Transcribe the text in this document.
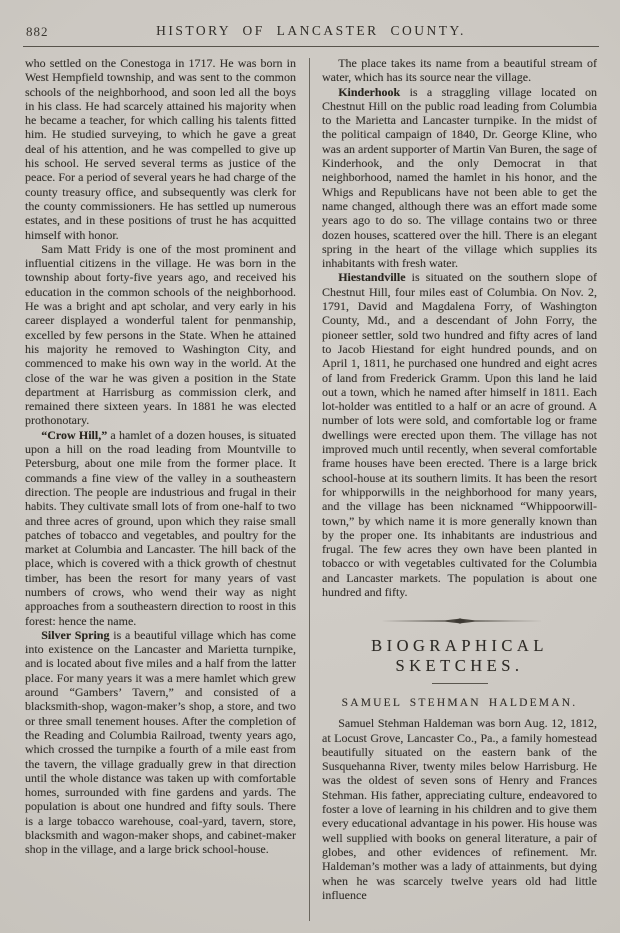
882	HISTORY OF LANCASTER COUNTY.

who settled on the Conestoga in 1717. He was born in West Hempfield township, and was sent to the common schools of the neighborhood, and soon led all the boys in his class. He had scarcely attained his majority when he became a teacher, for which calling his talents fitted him. He studied surveying, to which he gave a great deal of his attention, and he was compelled to give up his school. He served several terms as justice of the peace. For a period of several years he had charge of the county treasury office, and subsequently was clerk for the county commissioners. He has settled up numerous estates, and in these positions of trust he has acquitted himself with honor.

Sam Matt Fridy is one of the most prominent and influential citizens in the village. He was born in the township about forty-five years ago, and received his education in the common schools of the neighborhood. He was a bright and apt scholar, and very early in his career displayed a wonderful talent for penmanship, excelled by few persons in the State. When he attained his majority he removed to Washington City, and commenced to make his own way in the world. At the close of the war he was given a position in the State department at Harrisburg as commission clerk, and remained there sixteen years. In 1881 he was elected prothonotary.

“Crow Hill,” a hamlet of a dozen houses, is situated upon a hill on the road leading from Mountville to Petersburg, about one mile from the former place. It commands a fine view of the valley in a southeastern direction. The people are industrious and frugal in their habits. They cultivate small lots of from one-half to two and three acres of ground, upon which they raise small patches of tobacco and vegetables, and poultry for the market at Columbia and Lancaster. The hill back of the place, which is covered with a thick growth of chestnut timber, has been the resort for many years of vast numbers of crows, who wend their way as night approaches from a southeastern direction to roost in this forest: hence the name.

Silver Spring is a beautiful village which has come into existence on the Lancaster and Marietta turnpike, and is located about five miles and a half from the latter place. For many years it was a mere hamlet which grew around “Gambers’ Tavern,” and consisted of a blacksmith-shop, wagon-maker’s shop, a store, and two or three small tenement houses. After the completion of the Reading and Columbia Railroad, twenty years ago, which crossed the turnpike a fourth of a mile east from the tavern, the village gradually grew in that direction until the whole distance was taken up with comfortable homes, surrounded with fine gardens and yards. The population is about one hundred and fifty souls. There is a large tobacco warehouse, coal-yard, tavern, store, blacksmith and wagon-maker shops, and cabinet-maker shop in the village, and a large brick school-house.

The place takes its name from a beautiful stream of water, which has its source near the village.

Kinderhook is a straggling village located on Chestnut Hill on the public road leading from Columbia to the Marietta and Lancaster turnpike. In the midst of the political campaign of 1840, Dr. George Kline, who was an ardent supporter of Martin Van Buren, the sage of Kinderhook, and the only Democrat in that neighborhood, named the hamlet in his honor, and the Whigs and Republicans have not been able to get the name changed, although there was an effort made some years ago to do so. The village contains two or three dozen houses, scattered over the hill. There is an elegant spring in the heart of the village which supplies its inhabitants with fresh water.

Hiestandville is situated on the southern slope of Chestnut Hill, four miles east of Columbia. On Nov. 2, 1791, David and Magdalena Forry, of Washington County, Md., and a descendant of John Forry, the pioneer settler, sold two hundred and fifty acres of land to Jacob Hiestand for eight hundred pounds, and on April 1, 1811, he purchased one hundred and eight acres of land from Frederick Gramm. Upon this land he laid out a town, which he named after himself in 1811. Each lot-holder was entitled to a half or an acre of ground. A number of lots were sold, and comfortable log or frame dwellings were erected upon them. The village has not improved much until recently, when several comfortable frame houses have been erected. There is a large brick school-house at its southern limits. It has been the resort for whipporwills in the neighborhood for many years, and the village has been nicknamed “Whippoorwill-town,” by which name it is more generally known than by the proper one. Its inhabitants are industrious and frugal. The few acres they own have been planted in tobacco or with vegetables cultivated for the Columbia and Lancaster markets. The population is about one hundred and fifty.

BIOGRAPHICAL SKETCHES.
SAMUEL STEHMAN HALDEMAN.

Samuel Stehman Haldeman was born Aug. 12, 1812, at Locust Grove, Lancaster Co., Pa., a family homestead beautifully situated on the eastern bank of the Susquehanna River, twenty miles below Harrisburg. He was the oldest of seven sons of Henry and Frances Stehman. His father, appreciating culture, endeavored to foster a love of learning in his children and to give them every educational advantage in his power. His house was well supplied with books on general literature, a pair of globes, and other evidences of refinement. Mr. Haldeman’s mother was a lady of attainments, but dying when he was scarcely twelve years old had little influence
